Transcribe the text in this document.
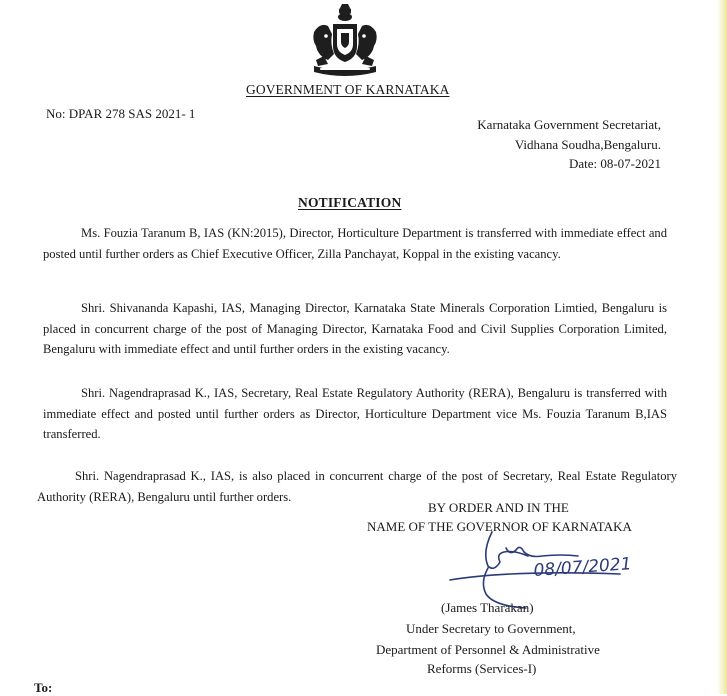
GOVERNMENT OF KARNATAKA
No: DPAR 278 SAS 2021- 1
Karnataka Government Secretariat,
Vidhana Soudha,Bengaluru.
Date: 08-07-2021
NOTIFICATION
Ms. Fouzia Taranum B, IAS (KN:2015), Director, Horticulture Department is transferred with immediate effect and posted until further orders as Chief Executive Officer, Zilla Panchayat, Koppal in the existing vacancy.
Shri. Shivananda Kapashi, IAS, Managing Director, Karnataka State Minerals Corporation Limtied, Bengaluru is placed in concurrent charge of the post of Managing Director, Karnataka Food and Civil Supplies Corporation Limited, Bengaluru with immediate effect and until further orders in the existing vacancy.
Shri. Nagendraprasad K., IAS, Secretary, Real Estate Regulatory Authority (RERA), Bengaluru is transferred with immediate effect and posted until further orders as Director, Horticulture Department vice Ms. Fouzia Taranum B,IAS transferred.
Shri. Nagendraprasad K., IAS, is also placed in concurrent charge of the post of Secretary, Real Estate Regulatory Authority (RERA), Bengaluru until further orders.
BY ORDER AND IN THE
NAME OF THE GOVERNOR OF KARNATAKA
08/07/2021
(James Tharakan)
Under Secretary to Government,
Department of Personnel & Administrative
Reforms (Services-I)
To:
